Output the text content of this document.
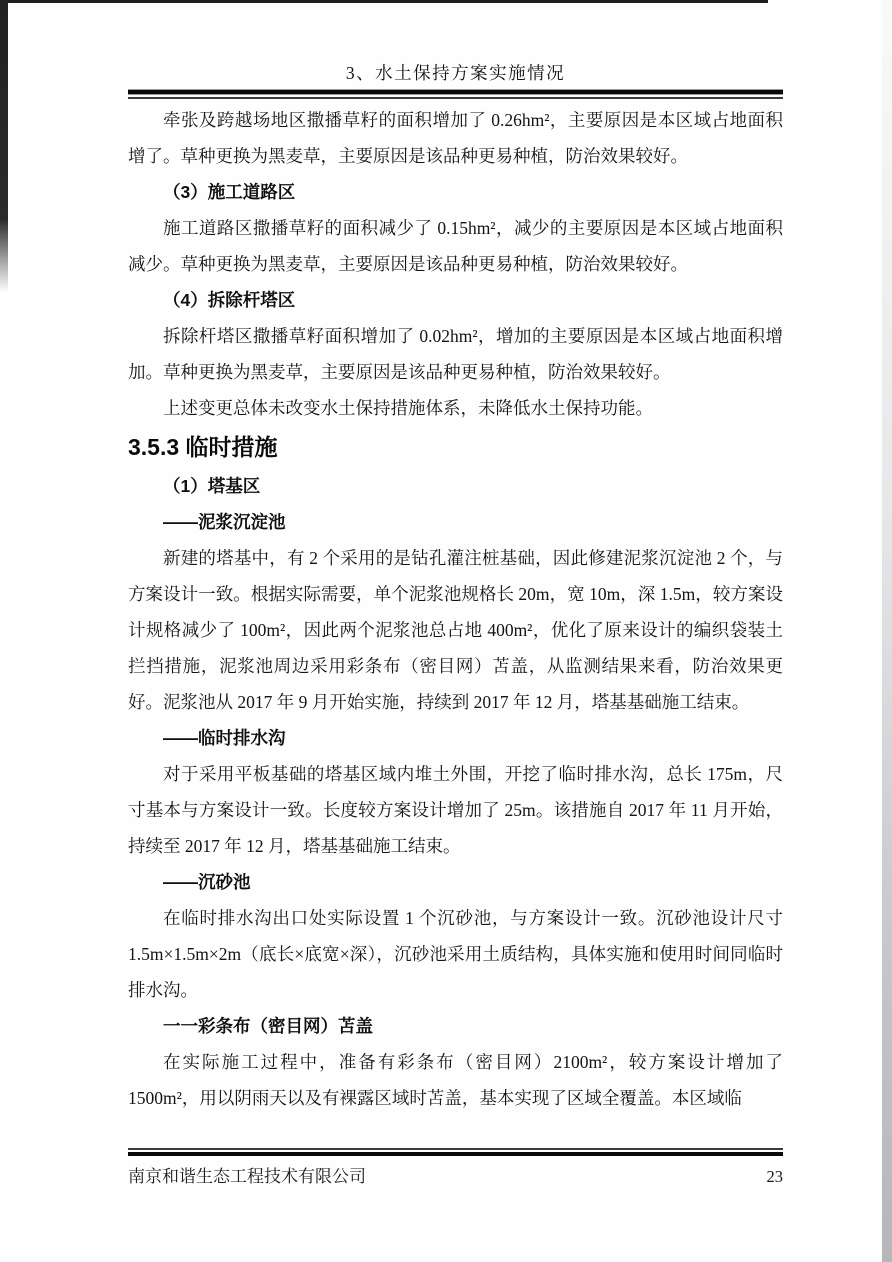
3、水土保持方案实施情况

牵张及跨越场地区撒播草籽的面积增加了 0.26hm²，主要原因是本区域占地面积增了。草种更换为黑麦草，主要原因是该品种更易种植，防治效果较好。

（3）施工道路区

施工道路区撒播草籽的面积减少了 0.15hm²，减少的主要原因是本区域占地面积减少。草种更换为黑麦草，主要原因是该品种更易种植，防治效果较好。

（4）拆除杆塔区

拆除杆塔区撒播草籽面积增加了 0.02hm²，增加的主要原因是本区域占地面积增加。草种更换为黑麦草，主要原因是该品种更易种植，防治效果较好。

上述变更总体未改变水土保持措施体系，未降低水土保持功能。

3.5.3 临时措施
（1）塔基区
——泥浆沉淀池

新建的塔基中，有 2 个采用的是钻孔灌注桩基础，因此修建泥浆沉淀池 2 个，与方案设计一致。根据实际需要，单个泥浆池规格长 20m，宽 10m，深 1.5m，较方案设计规格减少了 100m²，因此两个泥浆池总占地 400m²，优化了原来设计的编织袋装土拦挡措施，泥浆池周边采用彩条布（密目网）苫盖，从监测结果来看，防治效果更好。泥浆池从 2017 年 9 月开始实施，持续到 2017 年 12 月，塔基基础施工结束。

——临时排水沟

对于采用平板基础的塔基区域内堆土外围，开挖了临时排水沟，总长 175m，尺寸基本与方案设计一致。长度较方案设计增加了 25m。该措施自 2017 年 11 月开始，持续至 2017 年 12 月，塔基基础施工结束。

——沉砂池

在临时排水沟出口处实际设置 1 个沉砂池，与方案设计一致。沉砂池设计尺寸 1.5m×1.5m×2m（底长×底宽×深），沉砂池采用土质结构，具体实施和使用时间同临时排水沟。

一一彩条布（密目网）苫盖

在实际施工过程中，准备有彩条布（密目网）2100m²，较方案设计增加了 1500m²，用以阴雨天以及有裸露区域时苫盖，基本实现了区域全覆盖。本区域临

南京和谐生态工程技术有限公司	23
